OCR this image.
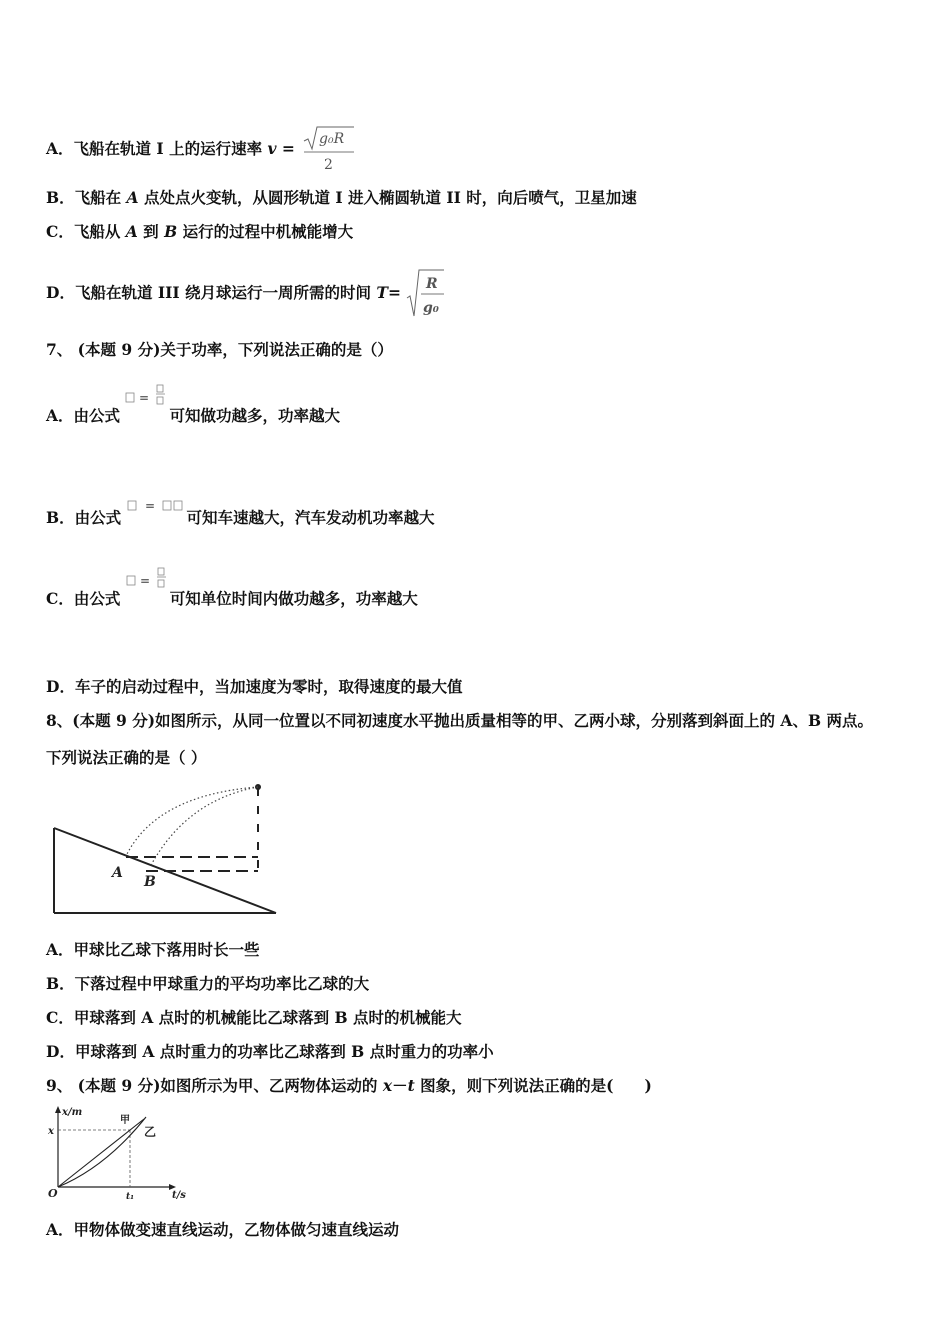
A．飞船在轨道 I 上的运行速率 v = g₀R
2
B．飞船在 A 点处点火变轨，从圆形轨道 I 进入椭圆轨道 II 时，向后喷气，卫星加速
C．飞船从 A 到 B 运行的过程中机械能增大
D．飞船在轨道 III 绕月球运行一周所需的时间 T= R
g₀
7、 (本题 9 分)关于功率，下列说法正确的是（）
A．由公式
=
可知做功越多，功率越大
B．由公式
=
可知车速越大，汽车发动机功率越大
C．由公式
=
可知单位时间内做功越多，功率越大
D．车子的启动过程中，当加速度为零时，取得速度的最大值
8、(本题 9 分)如图所示，从同一位置以不同初速度水平抛出质量相等的甲、乙两小球，分别落到斜面上的 A、B 两点。
下列说法正确的是（ ）
A
B
A．甲球比乙球下落用时长一些
B．下落过程中甲球重力的平均功率比乙球的大
C．甲球落到 A 点时的机械能比乙球落到 B 点时的机械能大
D．甲球落到 A 点时重力的功率比乙球落到 B 点时重力的功率小
9、 (本题 9 分)如图所示为甲、乙两物体运动的 x－t 图象，则下列说法正确的是(　　)
x/m
t/s
x
t₁
O
甲
乙
A．甲物体做变速直线运动，乙物体做匀速直线运动
